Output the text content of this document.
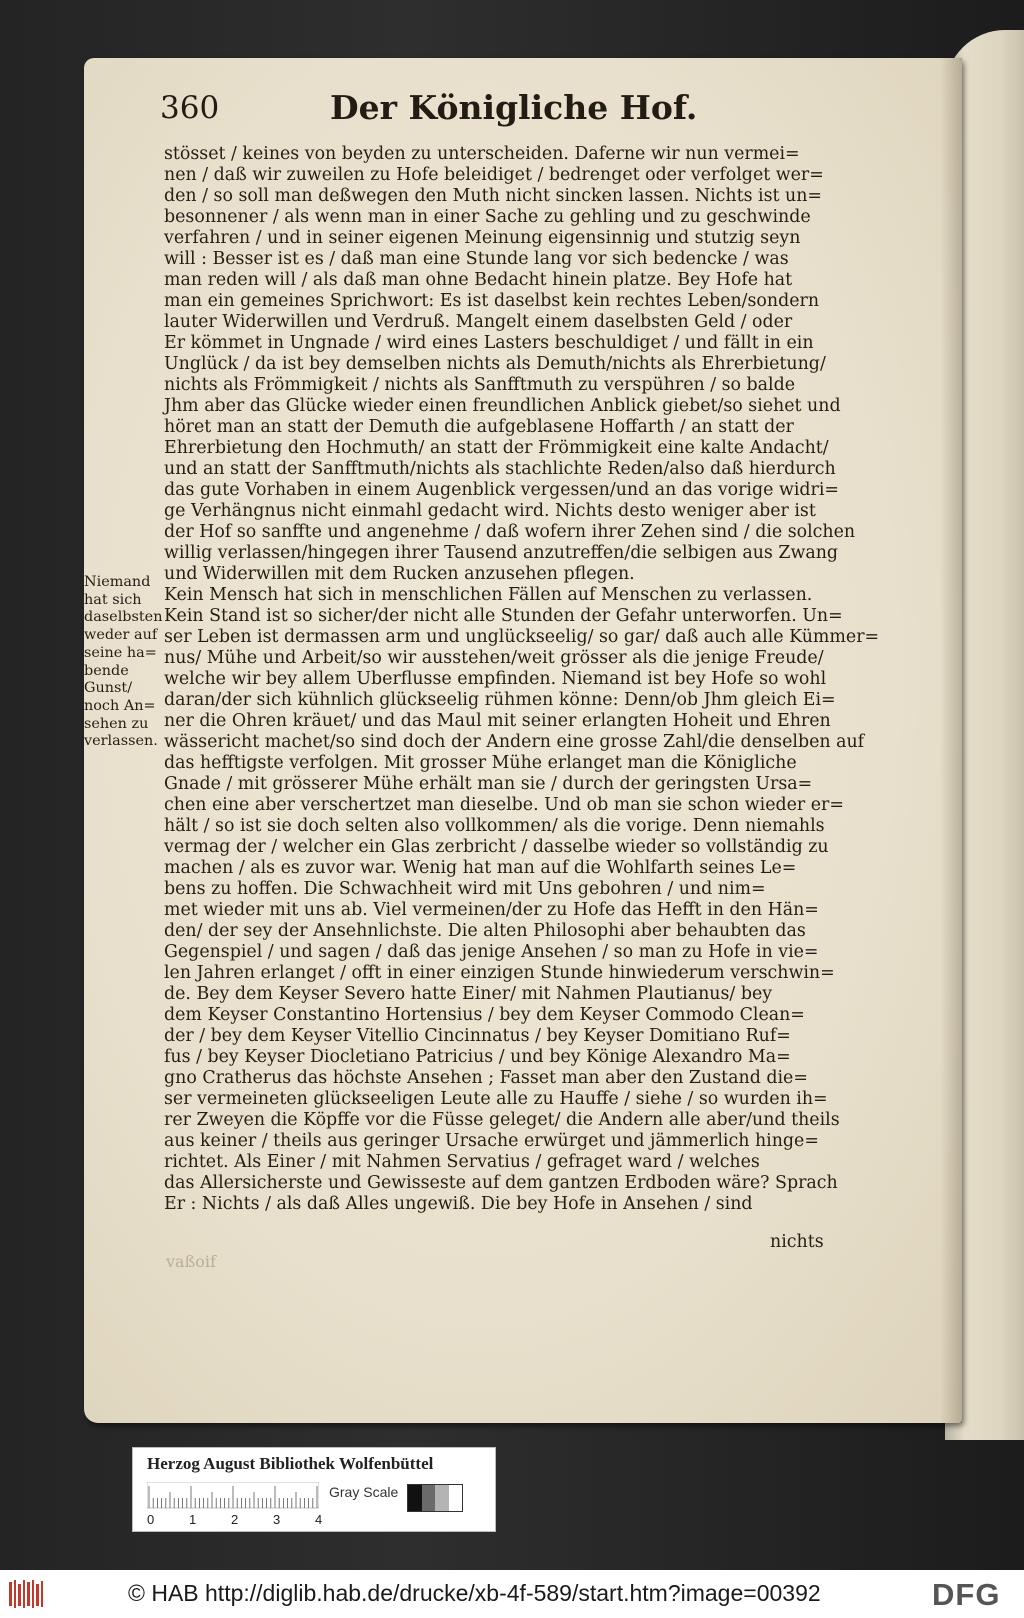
360	Der Königliche Hof.
Niemand
hat sich
daselbsten
weder auf
seine ha=
bende
Gunst/
noch An=
sehen zu
verlassen.
stösset / keines von beyden zu unterscheiden. Daferne wir nun vermei=
nen / daß wir zuweilen zu Hofe beleidiget / bedrenget oder verfolget wer=
den / so soll man deßwegen den Muth nicht sincken lassen. Nichts ist un=
besonnener / als wenn man in einer Sache zu gehling und zu geschwinde
verfahren / und in seiner eigenen Meinung eigensinnig und stutzig seyn
will : Besser ist es / daß man eine Stunde lang vor sich bedencke / was
man reden will / als daß man ohne Bedacht hinein platze. Bey Hofe hat
man ein gemeines Sprichwort: Es ist daselbst kein rechtes Leben/sondern
lauter Widerwillen und Verdruß. Mangelt einem daselbsten Geld / oder
Er kömmet in Ungnade / wird eines Lasters beschuldiget / und fällt in ein
Unglück / da ist bey demselben nichts als Demuth/nichts als Ehrerbietung/
nichts als Frömmigkeit / nichts als Sanfftmuth zu verspühren / so balde
Jhm aber das Glücke wieder einen freundlichen Anblick giebet/so siehet und
höret man an statt der Demuth die aufgeblasene Hoffarth / an statt der
Ehrerbietung den Hochmuth/ an statt der Frömmigkeit eine kalte Andacht/
und an statt der Sanfftmuth/nichts als stachlichte Reden/also daß hierdurch
das gute Vorhaben in einem Augenblick vergessen/und an das vorige widri=
ge Verhängnus nicht einmahl gedacht wird. Nichts desto weniger aber ist
der Hof so sanffte und angenehme / daß wofern ihrer Zehen sind / die solchen
willig verlassen/hingegen ihrer Tausend anzutreffen/die selbigen aus Zwang
und Widerwillen mit dem Rucken anzusehen pflegen.
Kein Mensch hat sich in menschlichen Fällen auf Menschen zu verlassen.
Kein Stand ist so sicher/der nicht alle Stunden der Gefahr unterworfen. Un=
ser Leben ist dermassen arm und unglückseelig/ so gar/ daß auch alle Kümmer=
nus/ Mühe und Arbeit/so wir ausstehen/weit grösser als die jenige Freude/
welche wir bey allem Uberflusse empfinden. Niemand ist bey Hofe so wohl
daran/der sich kühnlich glückseelig rühmen könne: Denn/ob Jhm gleich Ei=
ner die Ohren kräuet/ und das Maul mit seiner erlangten Hoheit und Ehren
wässericht machet/so sind doch der Andern eine grosse Zahl/die denselben auf
das hefftigste verfolgen. Mit grosser Mühe erlanget man die Königliche
Gnade / mit grösserer Mühe erhält man sie / durch der geringsten Ursa=
chen eine aber verschertzet man dieselbe. Und ob man sie schon wieder er=
hält / so ist sie doch selten also vollkommen/ als die vorige. Denn niemahls
vermag der / welcher ein Glas zerbricht / dasselbe wieder so vollständig zu
machen / als es zuvor war. Wenig hat man auf die Wohlfarth seines Le=
bens zu hoffen. Die Schwachheit wird mit Uns gebohren / und nim=
met wieder mit uns ab. Viel vermeinen/der zu Hofe das Hefft in den Hän=
den/ der sey der Ansehnlichste. Die alten Philosophi aber behaubten das
Gegenspiel / und sagen / daß das jenige Ansehen / so man zu Hofe in vie=
len Jahren erlanget / offt in einer einzigen Stunde hinwiederum verschwin=
de. Bey dem Keyser Severo hatte Einer/ mit Nahmen Plautianus/ bey
dem Keyser Constantino Hortensius / bey dem Keyser Commodo Clean=
der / bey dem Keyser Vitellio Cincinnatus / bey Keyser Domitiano Ruf=
fus / bey Keyser Diocletiano Patricius / und bey Könige Alexandro Ma=
gno Cratherus das höchste Ansehen ; Fasset man aber den Zustand die=
ser vermeineten glückseeligen Leute alle zu Hauffe / siehe / so wurden ih=
rer Zweyen die Köpffe vor die Füsse geleget/ die Andern alle aber/und theils
aus keiner / theils aus geringer Ursache erwürget und jämmerlich hinge=
richtet. Als Einer / mit Nahmen Servatius / gefraget ward / welches
das Allersicherste und Gewisseste auf dem gantzen Erdboden wäre? Sprach
Er : Nichts / als daß Alles ungewiß. Die bey Hofe in Ansehen / sind
vaßoif
nichts
Herzog August Bibliothek Wolfenbüttel
0	1	2	3	4
Gray Scale
© HAB http://diglib.hab.de/drucke/xb-4f-589/start.htm?image=00392	DFG
